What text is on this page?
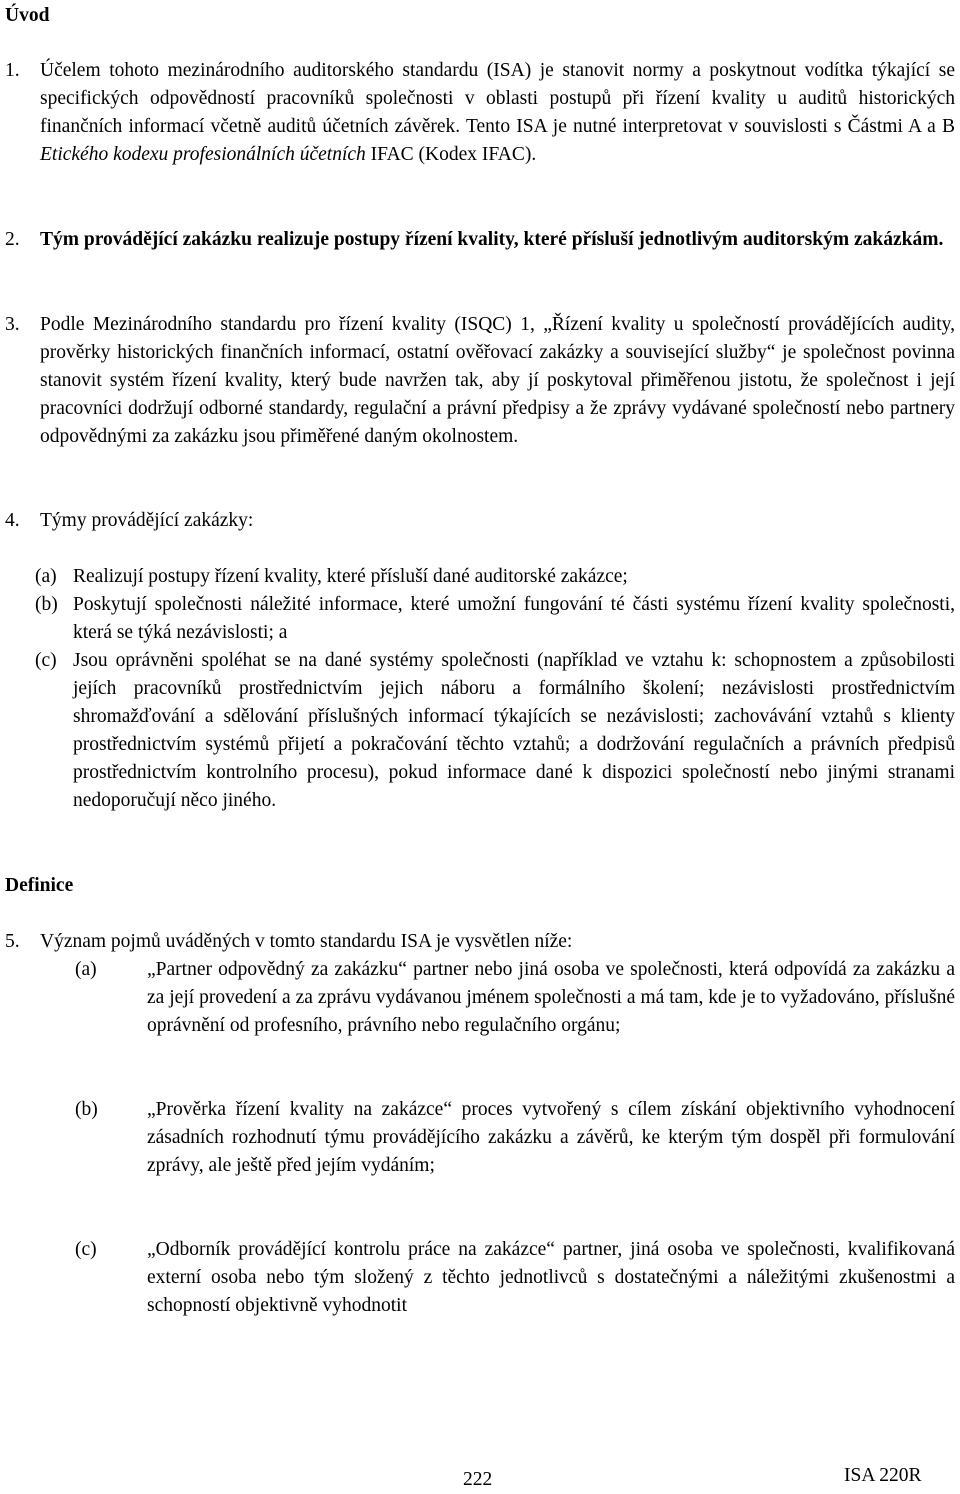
Úvod
1. Účelem tohoto mezinárodního auditorského standardu (ISA) je stanovit normy a poskytnout vodítka týkající se specifických odpovědností pracovníků společnosti v oblasti postupů při řízení kvality u auditů historických finančních informací včetně auditů účetních závěrek. Tento ISA je nutné interpretovat v souvislosti s Částmi A a B Etického kodexu profesionálních účetních IFAC (Kodex IFAC).
2. Tým provádějící zakázku realizuje postupy řízení kvality, které přísluší jednotlivým auditorským zakázkám.
3. Podle Mezinárodního standardu pro řízení kvality (ISQC) 1, „Řízení kvality u společností provádějících audity, prověrky historických finančních informací, ostatní ověřovací zakázky a související služby“ je společnost povinna stanovit systém řízení kvality, který bude navržen tak, aby jí poskytoval přiměřenou jistotu, že společnost i její pracovníci dodržují odborné standardy, regulační a právní předpisy a že zprávy vydávané společností nebo partnery odpovědnými za zakázku jsou přiměřené daným okolnostem.
4. Týmy provádějící zakázky:
(a) Realizují postupy řízení kvality, které přísluší dané auditorské zakázce;
(b) Poskytují společnosti náležité informace, které umožní fungování té části systému řízení kvality společnosti, která se týká nezávislosti; a
(c) Jsou oprávněni spoléhat se na dané systémy společnosti (například ve vztahu k: schopnostem a způsobilosti jejích pracovníků prostřednictvím jejich náboru a formálního školení; nezávislosti prostřednictvím shromažďování a sdělování příslušných informací týkajících se nezávislosti; zachovávání vztahů s klienty prostřednictvím systémů přijetí a pokračování těchto vztahů; a dodržování regulačních a právních předpisů prostřednictvím kontrolního procesu), pokud informace dané k dispozici společností nebo jinými stranami nedoporučují něco jiného.
Definice
5. Význam pojmů uváděných v tomto standardu ISA je vysvětlen níže:
(a)	„Partner odpovědný za zakázku“ partner nebo jiná osoba ve společnosti, která odpovídá za zakázku a za její provedení a za zprávu vydávanou jménem společnosti a má tam, kde je to vyžadováno, příslušné oprávnění od profesního, právního nebo regulačního orgánu;
(b)	„Prověrka řízení kvality na zakázce“ proces vytvořený s cílem získání objektivního vyhodnocení zásadních rozhodnutí týmu provádějícího zakázku a závěrů, ke kterým tým dospěl při formulování zprávy, ale ještě před jejím vydáním;
(c)	„Odborník provádějící kontrolu práce na zakázce“ partner, jiná osoba ve společnosti, kvalifikovaná externí osoba nebo tým složený z těchto jednotlivců s dostatečnými a náležitými zkušenostmi a schopností objektivně vyhodnotit
222	ISA 220R
